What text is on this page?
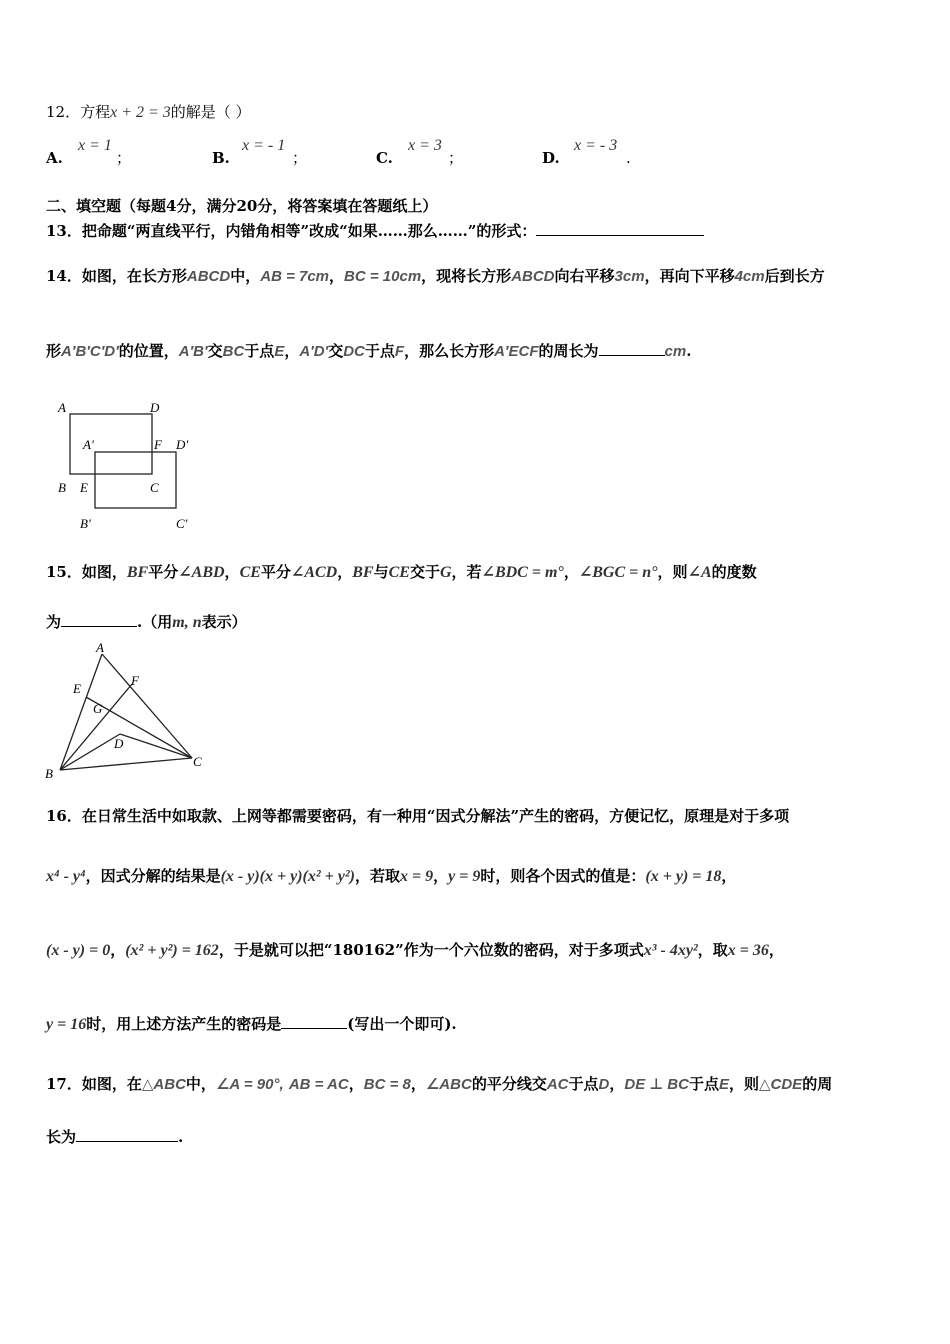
12．方程x + 2 = 3的解是（ ）
A.
x = 1
；	B.
x = - 1
；	C.
x = 3
；	D.
x = - 3
.
二、填空题（每题4分，满分20分，将答案填在答题纸上）
13．把命题“两直线平行，内错角相等”改成“如果……那么……”的形式：
14．如图，在长方形ABCD中，AB = 7cm，BC = 10cm，现将长方形ABCD向右平移3cm，再向下平移4cm后到长方
形A′B′C′D′的位置，A′B′交BC于点E，A′D′交DC于点F，那么长方形A′ECF的周长为	cm.
A	D
A'	F D'
B E	C
B'	C'
15．如图，BF平分∠ABD，CE平分∠ACD，BF与CE交于G，若∠BDC = m°，∠BGC = n°，则∠A的度数
为	.（用m, n表示）
A
E
F
G
D
B
C
16．在日常生活中如取款、上网等都需要密码，有一种用“因式分解法”产生的密码，方便记忆，原理是对于多项
x⁴ - y⁴，因式分解的结果是(x - y)(x + y)(x² + y²)，若取x = 9，y = 9时，则各个因式的值是：(x + y) = 18，
(x - y) = 0，(x² + y²) = 162，于是就可以把“180162”作为一个六位数的密码，对于多项式x³ - 4xy²，取x = 36，
y = 16时，用上述方法产生的密码是	(写出一个即可).
17．如图，在△ABC中，∠A = 90°, AB = AC，BC = 8，∠ABC的平分线交AC于点D，DE ⊥ BC于点E，则△CDE的周
长为	.
